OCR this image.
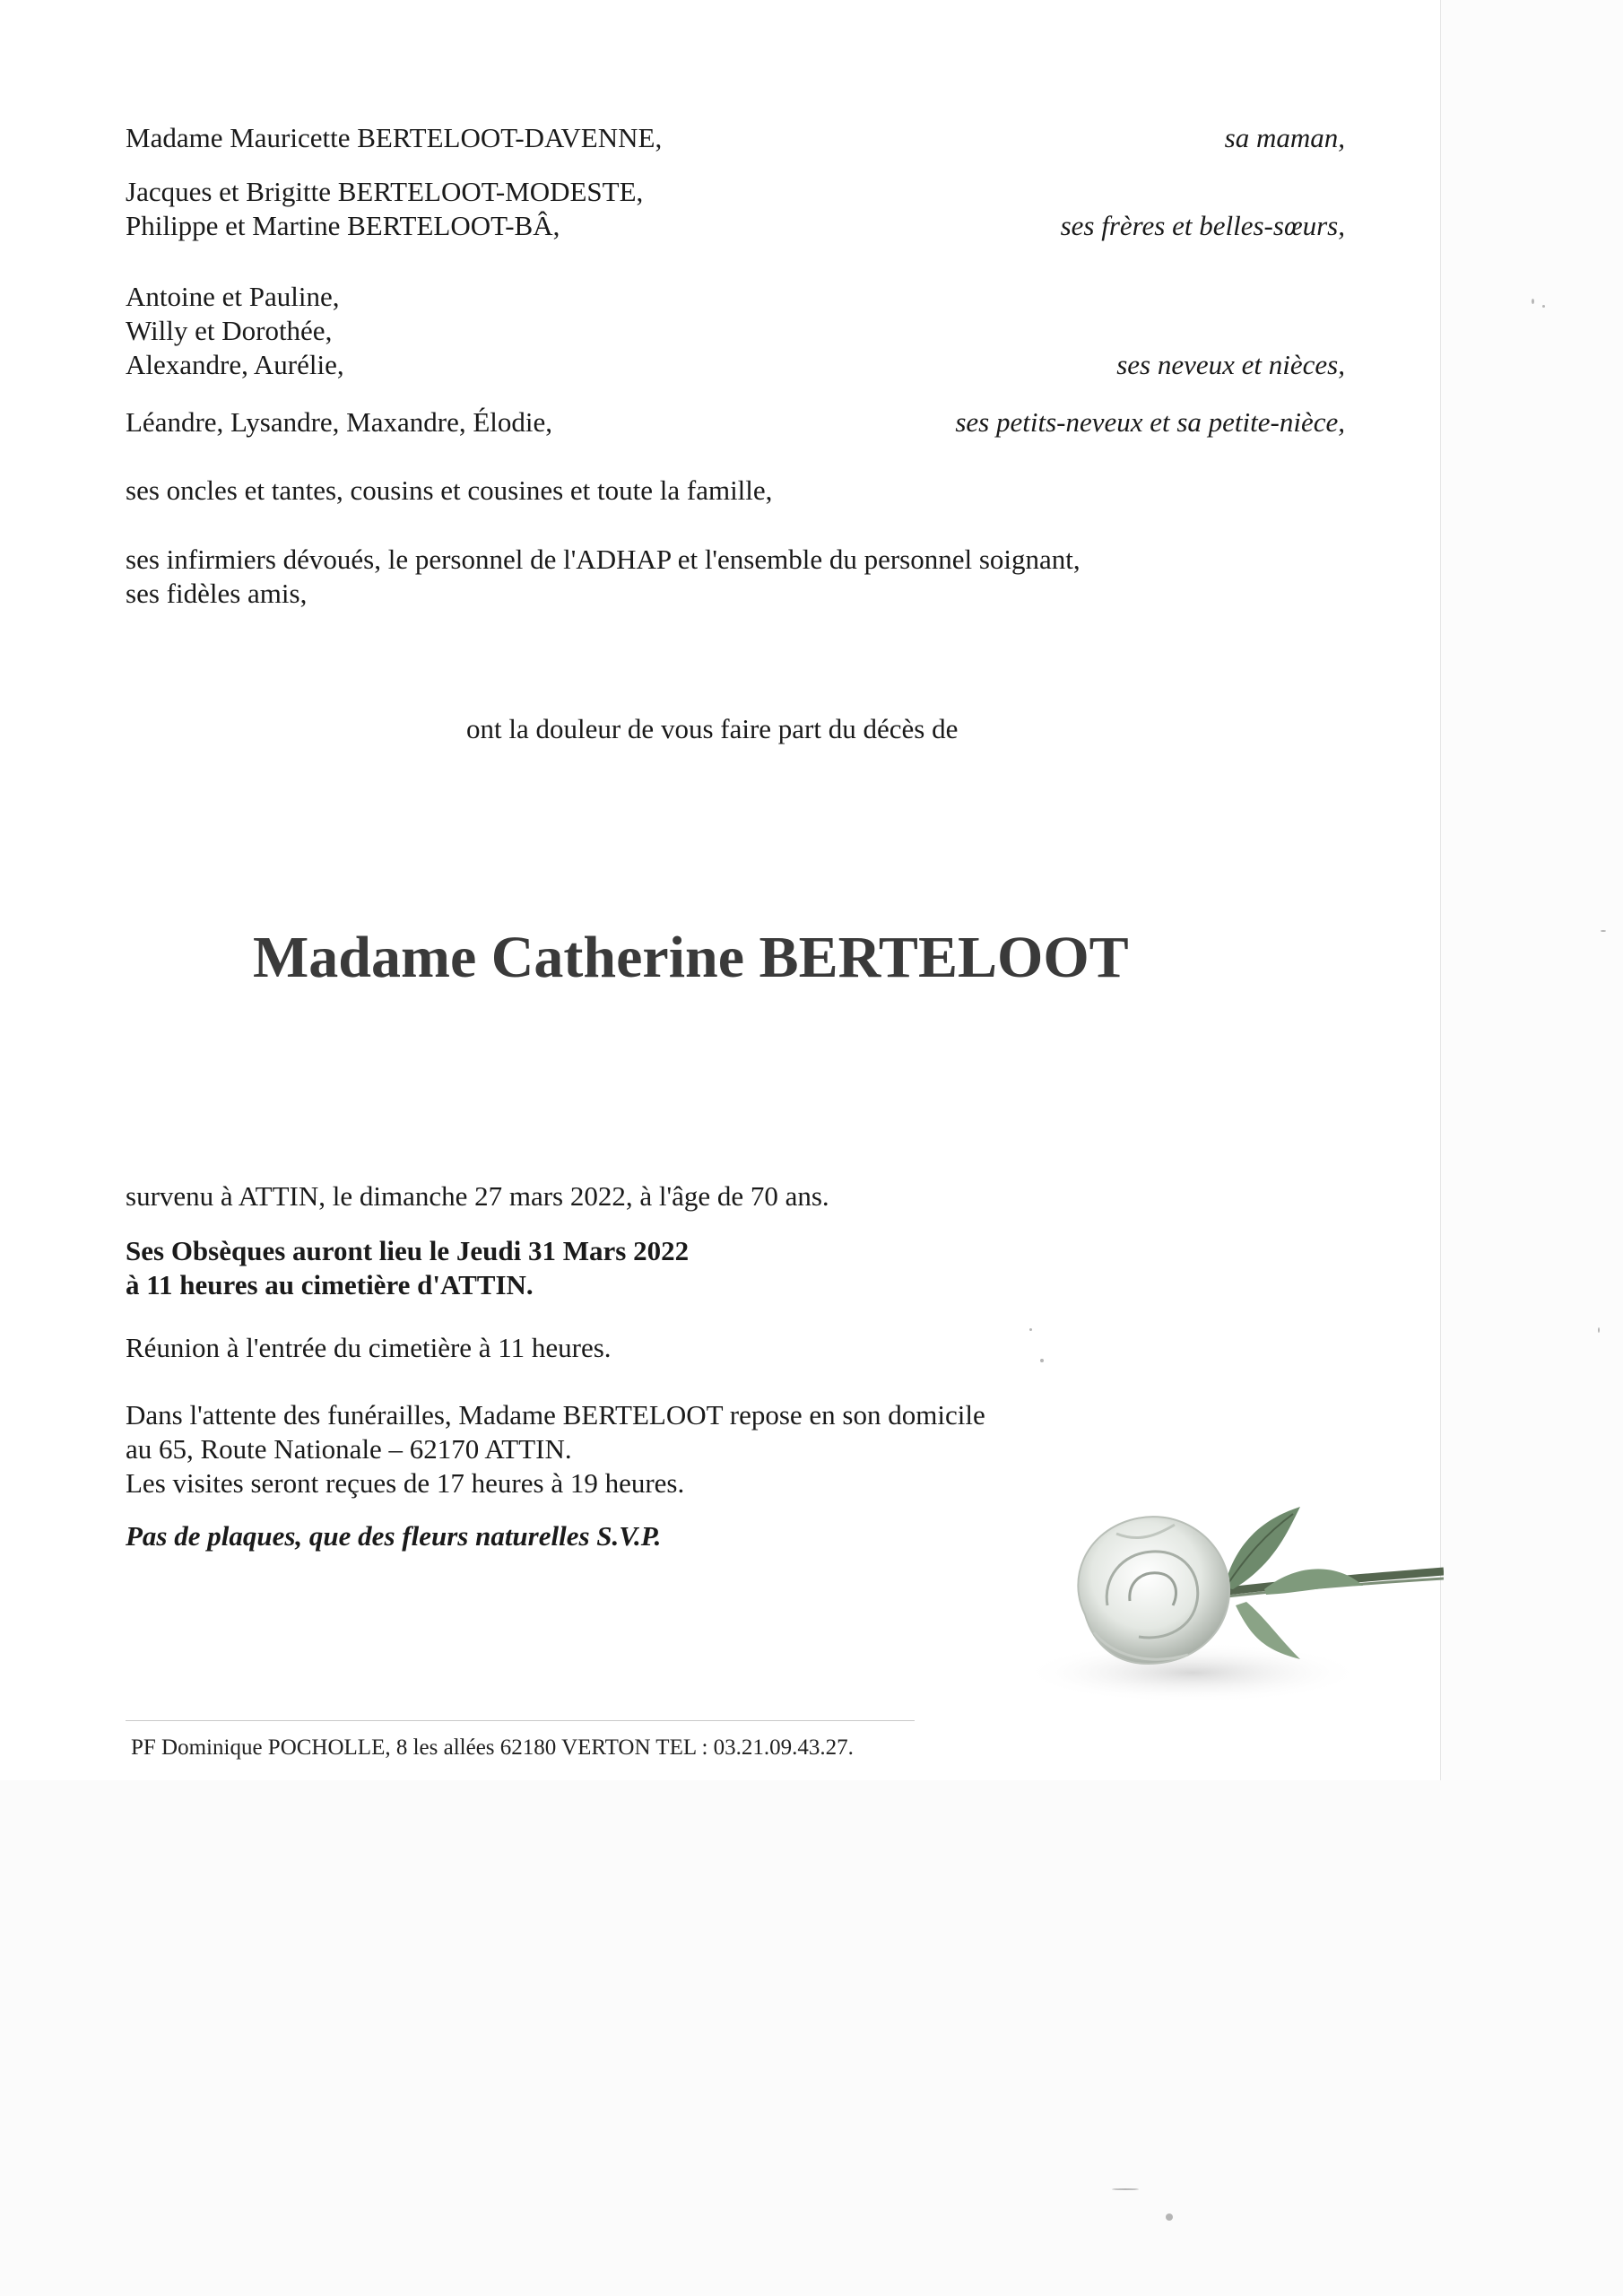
Madame Mauricette BERTELOOT-DAVENNE,	sa maman,
Jacques et Brigitte BERTELOOT-MODESTE,
Philippe et Martine BERTELOOT-BÂ,	ses frères et belles-sœurs,
Antoine et Pauline,
Willy et Dorothée,
Alexandre, Aurélie,	ses neveux et nièces,
Léandre, Lysandre, Maxandre, Élodie,	ses petits-neveux et sa petite-nièce,
ses oncles et tantes, cousins et cousines et toute la famille,
ses infirmiers dévoués, le personnel de l'ADHAP et l'ensemble du personnel soignant,
ses fidèles amis,
ont la douleur de vous faire part du décès de
Madame Catherine BERTELOOT
survenu à ATTIN, le dimanche 27 mars 2022, à l'âge de 70 ans.
Ses Obsèques auront lieu le Jeudi 31 Mars 2022
à 11 heures au cimetière d'ATTIN.
Réunion à l'entrée du cimetière à 11 heures.
Dans l'attente des funérailles, Madame BERTELOOT repose en son domicile
au 65, Route Nationale – 62170 ATTIN.
Les visites seront reçues de 17 heures à 19 heures.
Pas de plaques, que des fleurs naturelles S.V.P.
PF Dominique POCHOLLE, 8 les allées 62180 VERTON TEL : 03.21.09.43.27.
